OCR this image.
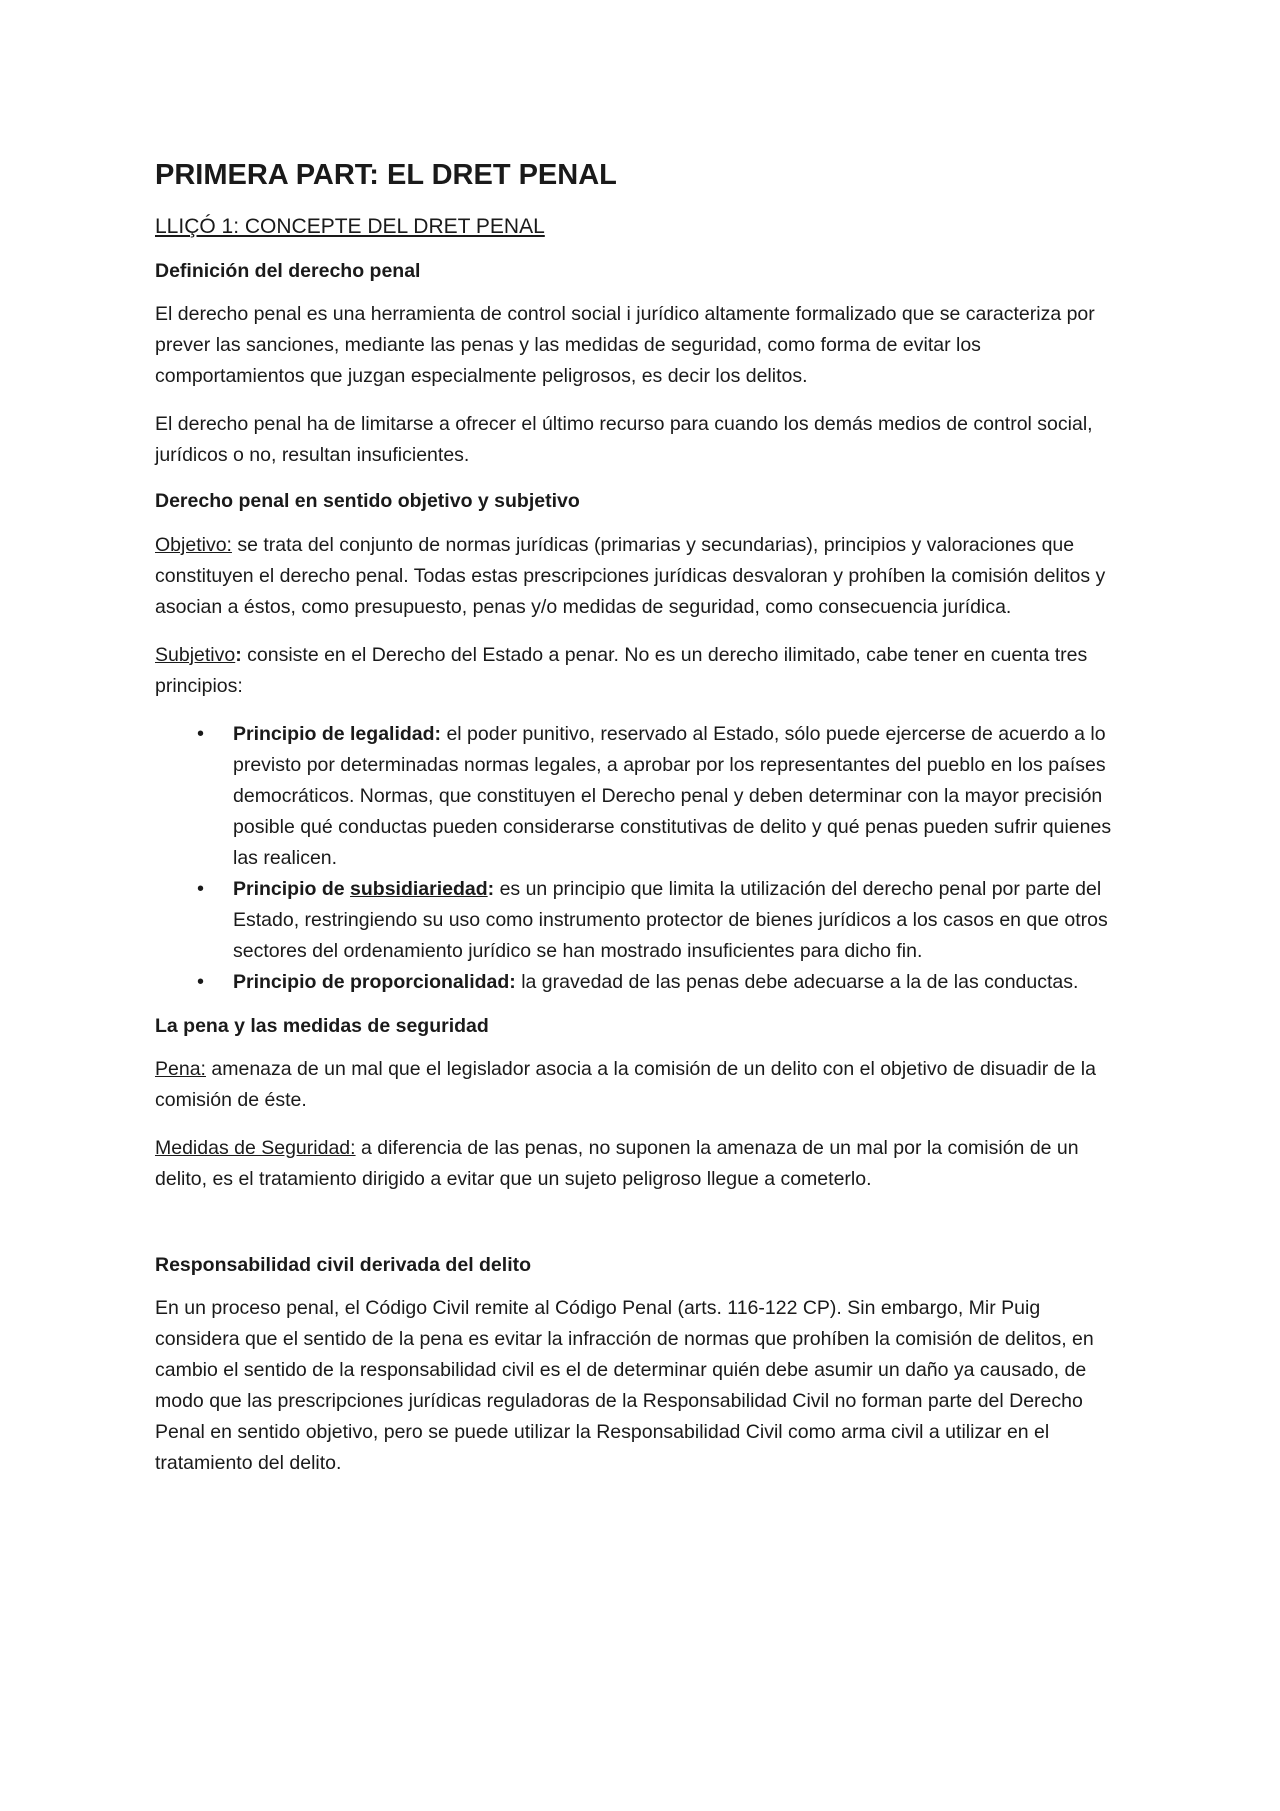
PRIMERA PART: EL DRET PENAL
LLIÇÓ 1: CONCEPTE DEL DRET PENAL
Definición del derecho penal

El derecho penal es una herramienta de control social i jurídico altamente formalizado que se caracteriza por prever las sanciones, mediante las penas y las medidas de seguridad, como forma de evitar los comportamientos que juzgan especialmente peligrosos, es decir los delitos.

El derecho penal ha de limitarse a ofrecer el último recurso para cuando los demás medios de control social, jurídicos o no, resultan insuficientes.

Derecho penal en sentido objetivo y subjetivo

Objetivo: se trata del conjunto de normas jurídicas (primarias y secundarias), principios y valoraciones que constituyen el derecho penal. Todas estas prescripciones jurídicas desvaloran y prohíben la comisión delitos y asocian a éstos, como presupuesto, penas y/o medidas de seguridad, como consecuencia jurídica.

Subjetivo: consiste en el Derecho del Estado a penar. No es un derecho ilimitado, cabe tener en cuenta tres principios:

• Principio de legalidad: el poder punitivo, reservado al Estado, sólo puede ejercerse de acuerdo a lo previsto por determinadas normas legales, a aprobar por los representantes del pueblo en los países democráticos. Normas, que constituyen el Derecho penal y deben determinar con la mayor precisión posible qué conductas pueden considerarse constitutivas de delito y qué penas pueden sufrir quienes las realicen.
• Principio de subsidiariedad: es un principio que limita la utilización del derecho penal por parte del Estado, restringiendo su uso como instrumento protector de bienes jurídicos a los casos en que otros sectores del ordenamiento jurídico se han mostrado insuficientes para dicho fin.
• Principio de proporcionalidad: la gravedad de las penas debe adecuarse a la de las conductas.
La pena y las medidas de seguridad

Pena: amenaza de un mal que el legislador asocia a la comisión de un delito con el objetivo de disuadir de la comisión de éste.

Medidas de Seguridad: a diferencia de las penas, no suponen la amenaza de un mal por la comisión de un delito, es el tratamiento dirigido a evitar que un sujeto peligroso llegue a cometerlo.

Responsabilidad civil derivada del delito

En un proceso penal, el Código Civil remite al Código Penal (arts. 116-122 CP). Sin embargo, Mir Puig considera que el sentido de la pena es evitar la infracción de normas que prohíben la comisión de delitos, en cambio el sentido de la responsabilidad civil es el de determinar quién debe asumir un daño ya causado, de modo que las prescripciones jurídicas reguladoras de la Responsabilidad Civil no forman parte del Derecho Penal en sentido objetivo, pero se puede utilizar la Responsabilidad Civil como arma civil a utilizar en el tratamiento del delito.
